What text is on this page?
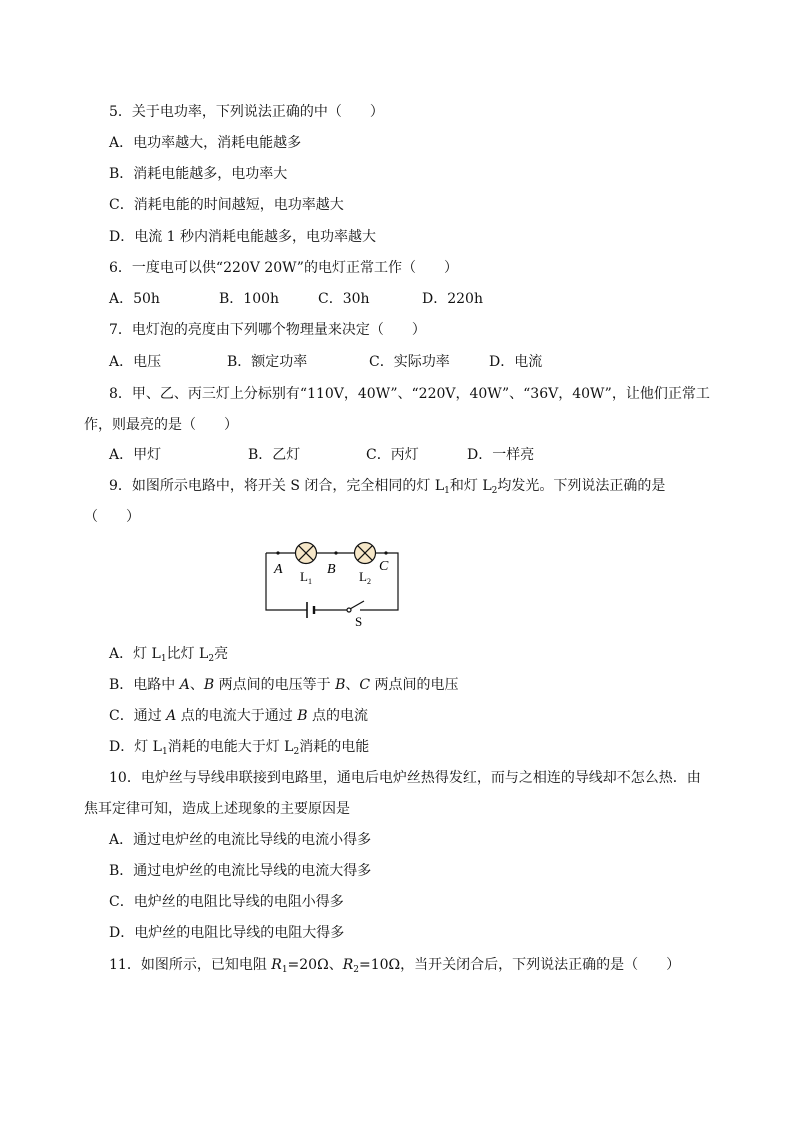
5．关于电功率，下列说法正确的中（　　）
A．电功率越大，消耗电能越多
B．消耗电能越多，电功率大
C．消耗电能的时间越短，电功率越大
D．电流 1 秒内消耗电能越多，电功率越大
6．一度电可以供“220V 20W”的电灯正常工作（　　）
A．50h	B．100h	C．30h	D．220h
7．电灯泡的亮度由下列哪个物理量来决定（　　）
A．电压	B．额定功率	C．实际功率	D．电流
8．甲、乙、丙三灯上分标别有“110V，40W”、“220V，40W”、“36V，40W”，让他们正常工作，则最亮的是（　　）
A．甲灯	B．乙灯	C．丙灯	D．一样亮
9．如图所示电路中，将开关 S 闭合，完全相同的灯 $L_1$和灯 $L_2$均发光。下列说法正确的是
（　　）
A	B	C
L 1	L 2
S
A．灯 $L_1$比灯 $L_2$亮
B．电路中 A、B 两点间的电压等于 B、C 两点间的电压
C．通过 A 点的电流大于通过 B 点的电流
D．灯 $L_1$消耗的电能大于灯 $L_2$消耗的电能
10．电炉丝与导线串联接到电路里，通电后电炉丝热得发红，而与之相连的导线却不怎么热．由焦耳定律可知，造成上述现象的主要原因是
A．通过电炉丝的电流比导线的电流小得多
B．通过电炉丝的电流比导线的电流大得多
C．电炉丝的电阻比导线的电阻小得多
D．电炉丝的电阻比导线的电阻大得多
11．如图所示，已知电阻 $R_1=20\Omega$、$R_2=10\Omega$，当开关闭合后，下列说法正确的是（　　）
